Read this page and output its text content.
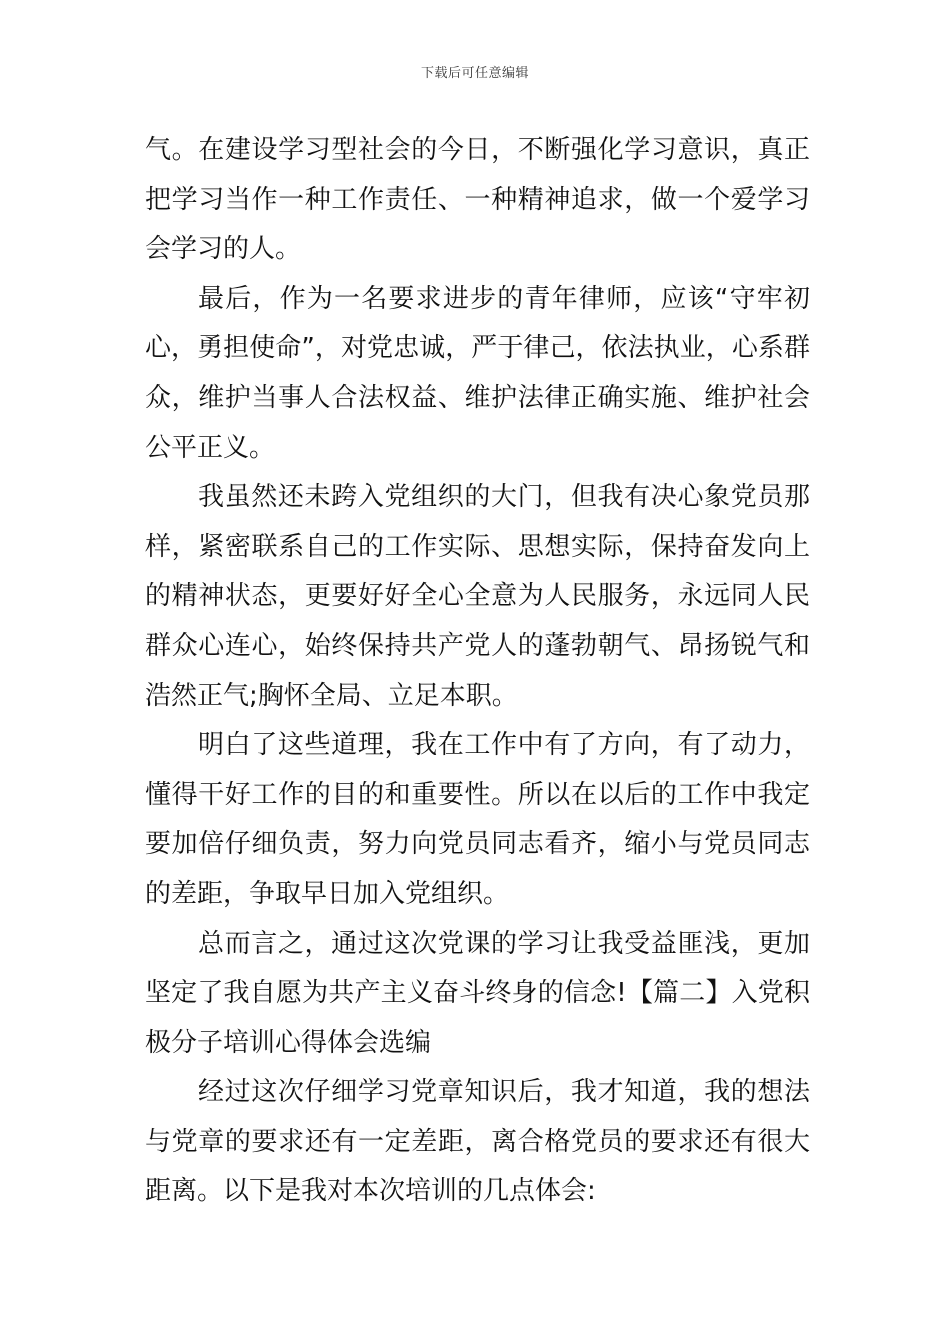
下载后可任意编辑

气。在建设学习型社会的今日，不断强化学习意识，真正把学习当作一种工作责任、一种精神追求，做一个爱学习会学习的人。

最后，作为一名要求进步的青年律师，应该“守牢初心，勇担使命”，对党忠诚，严于律己，依法执业，心系群众，维护当事人合法权益、维护法律正确实施、维护社会公平正义。

我虽然还未跨入党组织的大门，但我有决心象党员那样，紧密联系自己的工作实际、思想实际，保持奋发向上的精神状态，更要好好全心全意为人民服务，永远同人民群众心连心，始终保持共产党人的蓬勃朝气、昂扬锐气和浩然正气;胸怀全局、立足本职。

明白了这些道理，我在工作中有了方向，有了动力，懂得干好工作的目的和重要性。所以在以后的工作中我定要加倍仔细负责，努力向党员同志看齐，缩小与党员同志的差距，争取早日加入党组织。

总而言之，通过这次党课的学习让我受益匪浅，更加坚定了我自愿为共产主义奋斗终身的信念!【篇二】入党积极分子培训心得体会选编

经过这次仔细学习党章知识后，我才知道，我的想法与党章的要求还有一定差距，离合格党员的要求还有很大距离。以下是我对本次培训的几点体会:
